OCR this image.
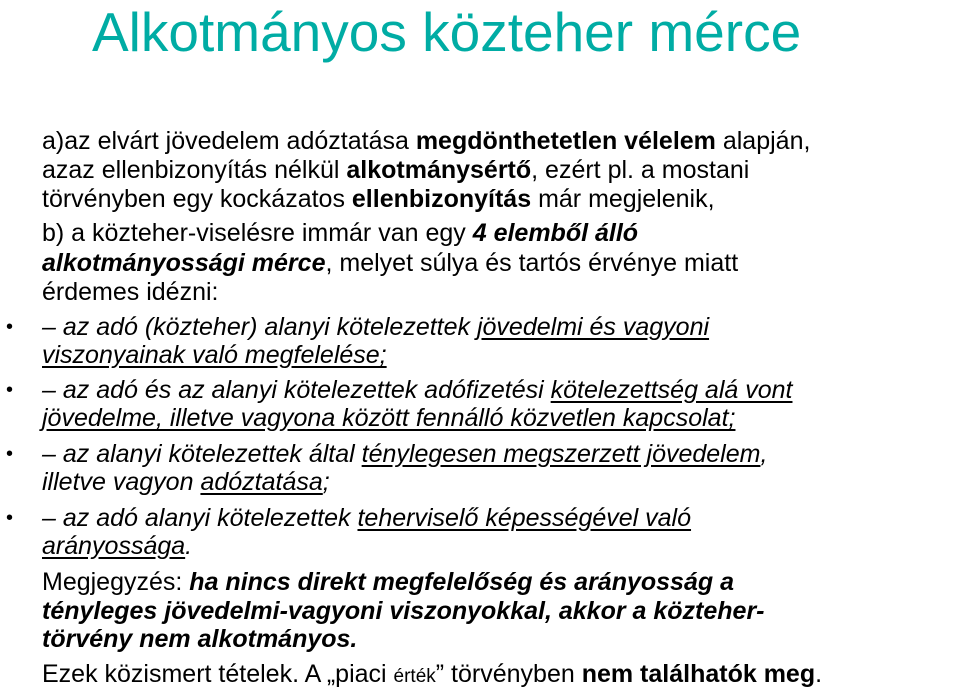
Alkotmányos közteher mérce
a)az elvárt jövedelem adóztatása megdönthetetlen vélelem alapján,
azaz ellenbizonyítás nélkül alkotmánysértő, ezért pl. a mostani
törvényben egy kockázatos ellenbizonyítás már megjelenik,
b) a közteher-viselésre immár van egy 4 elemből álló
alkotmányossági mérce, melyet súlya és tartós érvénye miatt
érdemes idézni:
• – az adó (közteher) alanyi kötelezettek jövedelmi és vagyoni
viszonyainak való megfelelése;
• – az adó és az alanyi kötelezettek adófizetési kötelezettség alá vont
jövedelme, illetve vagyona között fennálló közvetlen kapcsolat;
• – az alanyi kötelezettek által ténylegesen megszerzett jövedelem,
illetve vagyon adóztatása;
• – az adó alanyi kötelezettek teherviselő képességével való
arányossága.
Megjegyzés: ha nincs direkt megfelelőség és arányosság a
tényleges jövedelmi-vagyoni viszonyokkal, akkor a közteher-
törvény nem alkotmányos.
Ezek közismert tételek. A „piaci érték” törvényben nem találhatók meg.
